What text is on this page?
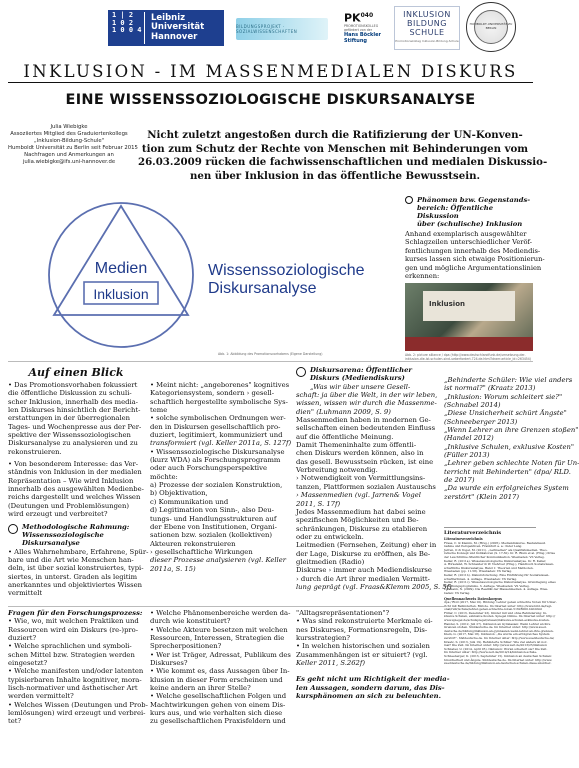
1 | 2
1 0 2
1 0 0 4
Leibniz
Universität
Hannover
BILDUNGSPROJEKT · SOZIALWISSENSCHAFTEN
PK$^{040}$
PROMOTIONSKOLLEG
gefördert von der
Hans Böckler
Stiftung
INKLUSION
BILDUNG
SCHULE
Promotionskolleg Inklusion-Bildung-Schule
HUMBOLDT-UNIVERSITÄT ZU BERLIN
INKLUSION - IM MASSENMEDIALEN DISKURS
EINE WISSENSSOZIOLOGISCHE DISKURSANALYSE
Julia Wiebigke
Assoziiertes Mitglied des Graduiertenkollegs
„Inklusion-Bildung-Schule"
Humboldt Universität zu Berlin seit Februar 2015
Nachfragen und Anmerkungen an
julia.wiebigke@ifs.uni-hannover.de
Nicht zuletzt angestoßen durch die Ratifizierung der UN-Konven-
tion zum Schutz der Rechte von Menschen mit Behinderungen vom
26.03.2009 rücken die fachwissenschaftlichen und medialen Diskussio-
nen über Inklusion in das öffentliche Bewusstsein.
Medien
Inklusion
Wissenssoziologische
Diskursanalyse
Abb. 1: Abbildung des Promotionsvorhabens (Eigene Darstellung)
Phänomen bzw. Gegenstands-
bereich: Öffentliche Diskussion
über (schulische) Inklusion
Anhand exemplarisch ausgewählter
Schlagzeilen unterschiedlicher Veröf-
fentlichungen innerhalb des Mediendis-
kurses lassen sich etwaige Positionierun-
gen und mögliche Argumentationslinien
erkennen:
Inklusion
Abb. 2: picture alliance / dpa (http://www.deutschlandfunk.de/umsetzung-der-inklusion-die-ist-schulen-sind-ueberfordert.724.de.html?dram:article_id=263454)
Auf einen Blick
• Das Promotionsvorhaben fokussiert
die öffentliche Diskussion zu schuli-
scher Inklusion, innerhalb des media-
len Diskurses hinsichtlich der Bericht-
erstattungen in der überregionalen
Tages- und Wochenpresse aus der Per-
spektive der Wissenssoziologischen
Diskursanalyse zu analysieren und zu
rekonstruieren.
• Von besonderem Interesse: das Ver-
ständnis von Inklusion in der medialen
Repräsentation – Wie wird Inklusion
innerhalb des ausgewählten Medienbe-
reichs dargestellt und welches Wissen
(Deutungen und Problemlösungen)
wird erzeugt und verbreitet?
Methodologische Rahmung:
Wissenssoziologische
Diskursanalyse
• Alles Wahrnehmbare, Erfahrene, Spür-
bare und die Art wie Menschen han-
deln, ist über sozial konstruiertes, typi-
siertes, in unterst. Graden als legitim
anerkanntes und objektiviertes Wissen
vermittelt
• Meint nicht: „angeborenes" kognitives
Kategoriensystem, sondern › gesell-
schaftlich hergestellte symbolische Sys-
teme
• solche symbolischen Ordnungen wer-
den in Diskursen gesellschaftlich pro-
duziert, legitimiert, kommuniziert und
transformiert (vgl. Keller 2011a, S. 127f)
• Wissenssoziologische Diskursanalyse
(kurz WDA) als Forschungsprogramm
oder auch Forschungsperspektive
möchte:
a) Prozesse der sozialen Konstruktion,
b) Objektivation,
c) Kommunikation und
d) Legitimation von Sinn-, also Deu-
tungs- und Handlungsstrukturen auf
der Ebene von Institutionen, Organi-
sationen bzw. sozialen (kollektiven)
Akteuren rekonstruieren
› gesellschaftliche Wirkungen
dieser Prozesse analysieren (vgl. Keller
2011a, S. 15)
Diskursarena: Öffentlicher
Diskurs (Mediendiskurs)
„Was wir über unsere Gesell-
schaft: ja über die Welt, in der wir leben,
wissen, wissen wir durch die Massenme-
dien" (Luhmann 2009, S. 9)
Massenmedien haben in modernen Ge-
sellschaften einen bedeutenden Einfluss
auf die öffentliche Meinung.
Damit Themeninhalte zum öffentli-
chen Diskurs werden können, also in
das gesell. Bewusstsein rücken, ist eine
Verbreitung notwendig.
› Notwendigkeit von Vermittlungsins-
tanzen, Plattformen sozialen Austauschs
› Massenmedien (vgl. Jarren& Vogel
2011, S. 17f)
Jedes Massenmedium hat dabei seine
spezifischen Möglichkeiten und Be-
schränkungen, Diskurse zu etablieren
oder zu entwickeln.
Leitmedien (Fernsehen, Zeitung) eher in
der Lage, Diskurse zu eröffnen, als Be-
gleitmedien (Radio)
Diskurse › immer auch Mediendiskurse
› durch die Art ihrer medialen Vermitt-
lung geprägt (vgl. Fraas&Klemm 2005, S. 5f)
„Behinderte Schüler: Wie viel anders
ist normal?" (Kraatz 2013)
„Inklusion: Worum schleitert sie?"
(Schnabel 2014)
„Diese Unsicherheit schürt Ängste"
(Schneeberger 2013)
„Wenn Lehrer an ihre Grenzen stoßen"
(Handel 2012)
„Inklusive Schulen, exklusive Kosten"
(Füller 2013)
„Lehrer geben schlechte Noten für Un-
terricht mit Behinderten" (dpa/ RLD.
de 2017)
„Da wurde ein erfolgreiches System
zerstört" (Klein 2017)
Literaturverzeichnis
Literaturverzeichnis
Fraas, C. & Klemm, M. (Hrsg.) (2005). Mediendiskurse. Bestandsauf-
nahme und Perspektiven. Frankfurt a. a.: Peter Lang.
Jarren, O & Vogel, M. (2011). „Leitmedien" als Qualitätsmedien. Theo-
retische Konzept und Indikatoren (S. 17-30). In: R. Blum et al. (Hrsg.) Krise
der Leuchtürme öffentlicher Kommunikation. Wiesbaden: VS Verlag.
Keller, R. (2011a). Wissenssoziologische Diskursanalyse. In: R. Keller,
A. Hirseland, W. Schneider & W. Viehöver (Hrsg.), Handbuch Sozialwissen-
schaftliche Diskursanalyse. Band 1: Theorien und Methoden.
Wiesbaden (pp. 11-58). Wiesbaden: VS Verlag.
Keller, R. (2011b). Diskursforschung. Eine Einführung für Sozialwissen-
schaftlerInnen. 4. Auflage. Wiesbaden: VS Verlag.
Keller, R. (2011c). Wissenssoziologische Diskursanalyse. Grundlegung eines
Forschungsprogramms. 3. Auflage. Wiesbaden: VS Verlag.
Luhmann, N. (2009). Die Realität der Massenmedien. 4. Auflage. Wies-
baden: VS Verlag.
Quellennachweis Datenkorpus
dpa / RLD (2017, Mai 10). Bildung: Lehrer geben schlechte Noten für Unter-
richt mit Behinderten. Bild.de. Im Internet unter: http://www.bild.de/regi-
onal/ruhr/schule/lehrer-geben-schlechte-noten-51628000.bild.html
Füller, C. (2013, Dezember 23). Kinder mit und ohne Behinderung: In-
klusive Schulen, exklusive Kosten. Spiegel Online. Im Internet unter: http://
www.spiegel.de/schulspiegel/wissen/inklusive-schulen-exklusive-kosten-
Handel, S. (2012, Juli 27). Inklusion an Gymnasien: Wenn Lehrer an ihre
Grenzen stoßen. Süddeutsche.de. Im Internet unter: http://www.sued-
deutsche.de/bildung/inklusion-an-gymnasien-wenn-lehrer-an-ihre-grenzen-
Klein, G. (2017, Mai 18). Inklusion: „Da wurde ein erfolgreiches System
zerstört". Süddeutsche.de. Im Internet unter: http://www.sueddeutsche.de/
Kraatz, S. (2013, Juni 19). Behinderte Schüler: Wie viel anders ist nor-
mal? Die Zeit. Im Internet unter: http://www.zeit.de/2013/25/inklusion
Schnabel, U. (2014, April 05). Inklusion: Woran scheitert sie? Die Zeit.
Im Internet unter: http://www.zeit.de/2014/14/inklusion-schule-
Schneeberger, K. (2013, September 15). Inklusion an deutschen Schulen:
Unsicherheit und Ängste. Süddeutsche.de. Im Internet unter: http://www.
sueddeutsche.de/bildung/inklusion-an-deutschen-schulen-diese-unsicher-
Fragen für den Forschungsprozess:
• Wie, wo, mit welchen Praktiken und
Ressourcen wird ein Diskurs (re-)pro-
duziert?
• Welche sprachlichen und symboli-
schen Mittel bzw. Strategien werden
eingesetzt?
• Welche manifesten und/oder latenten
typisierbaren Inhalte kognitiver, mora-
lisch-normativer und ästhetischer Art
werden vermittelt?
• Welches Wissen (Deutungen und Prob-
lemlösungen) wird erzeugt und verbrei-
tet?
• Welche Phänomenbereiche werden da-
durch wie konstituiert?
• Welche Akteure besetzen mit welchen
Ressourcen, Interessen, Strategien die
Sprecherpositionen?
• Wer ist Träger, Adressat, Publikum des
Diskurses?
• Wie kommt es, dass Aussagen über In-
klusion in dieser Form erscheinen und
keine andern an ihrer Stelle?
• Welche gesellschaftlichen Folgen und
Machtwirkungen gehen von einem Dis-
kurs aus, und wie verhalten sich diese
zu gesellschaftlichen Praxisfeldern und
"Alltagsrepräsentationen"?
• Was sind rekonstruierte Merkmale ei-
nes Diskurses, Formationsregeln, Dis-
kursstrategien?
• In welchen historischen und sozialen
Zusammenhängen ist er situiert? (vgl.
Keller 2011, S.262f)
Es geht nicht um Richtigkeit der media-
len Aussagen, sondern darum, das Dis-
kursphänomen an sich zu beleuchten.
